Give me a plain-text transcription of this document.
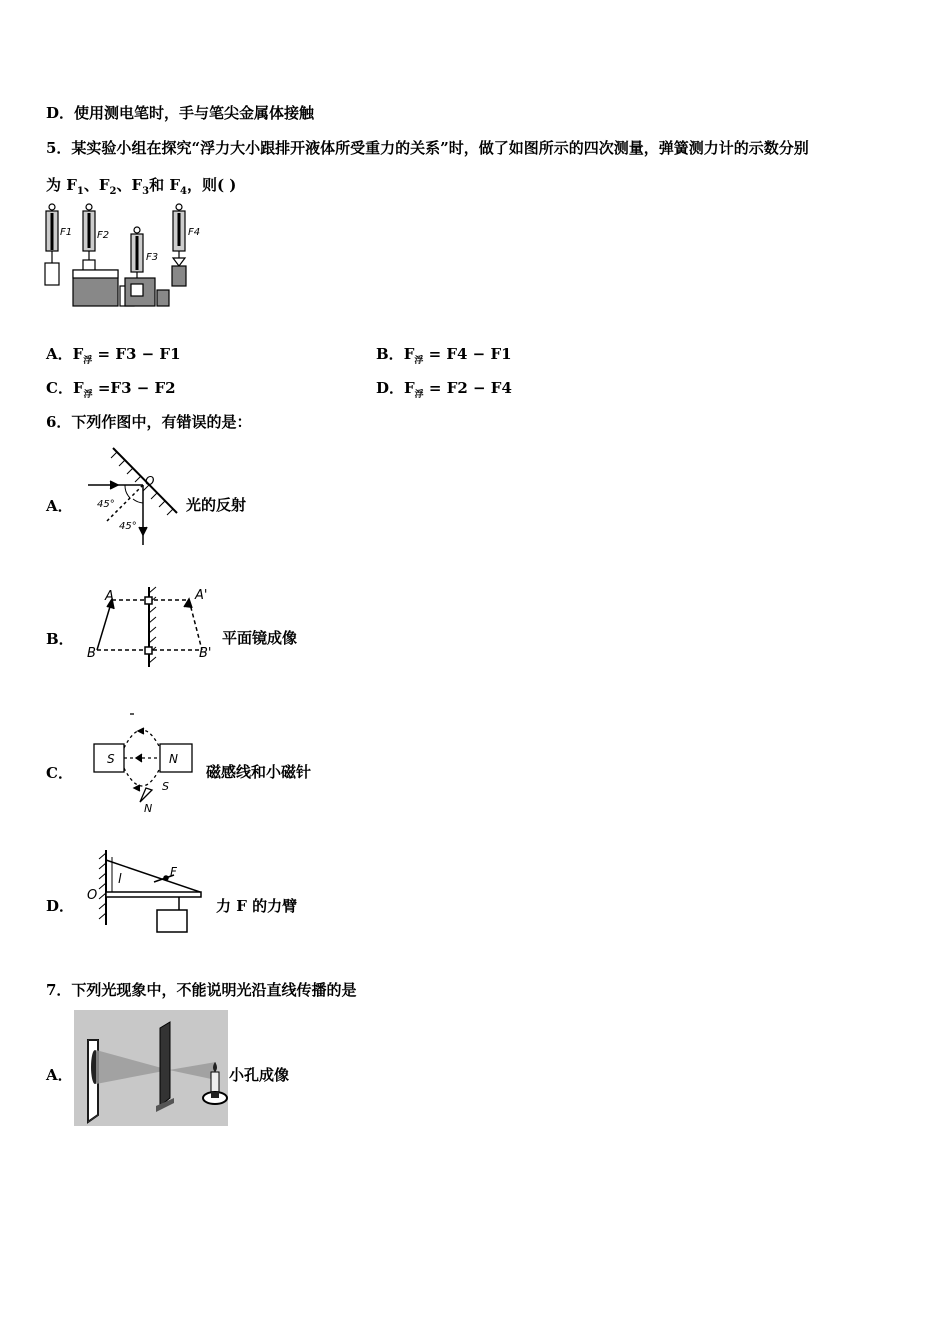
D．使用测电笔时，手与笔尖金属体接触
5．某实验小组在探究“浮力大小跟排开液体所受重力的关系”时，做了如图所示的四次测量，弹簧测力计的示数分别
为 $F_1$、$F_2$、$F_3$和 $F_4$，则( )
F1 F2
F3
F4
A．$F_浮 = F3 - F1$	B．$F_浮 = F4 - F1$
C．$F_浮 =F3 - F2$	D．$F_浮 = F2 - F4$
6．下列作图中，有错误的是：
A．
O
45°
45°
光的反射
B．
A	A'
B	B'
平面镜成像
C．
S	N
S
N
磁感线和小磁针
D．
O
l	F
力 F 的力臂
7．下列光现象中，不能说明光沿直线传播的是
A．	小孔成像
